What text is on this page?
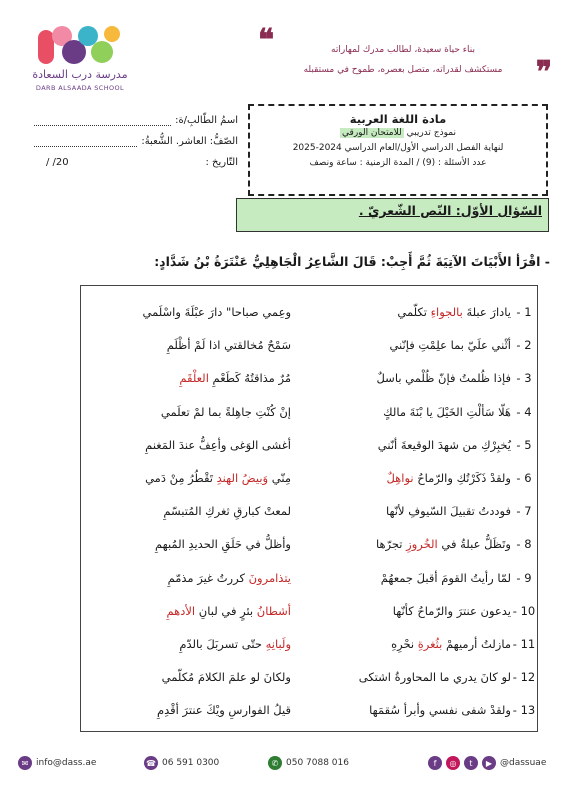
مدرسة درب السعادة
DARB ALSAADA SCHOOL
❝	بناء حياة سعيدة، لطالب مدرك لمهاراته
مستكشف لقدراته، متصل بعصره، طموح في مستقبله	❞
مادة اللغة العربية
نموذج تدريبي للامتحان الورقي
لنهاية الفصل الدراسي الأول/العام الدراسي 2024-2025
عدد الأسئلة : (9) / المدة الزمنية : ساعة ونصف
اسمُ الطّالبِ/ة:
الصّفُّ: العاشر. الشُّعبةُ:
التّاريخ :
/ /20
السّؤال الأوّل: النّص الشّعريّ .
- اقْرَأ الأَبْيَاتَ الآتِيَةَ ثُمَّ أَجِبْ: قَالَ الشَّاعِرُ الْجَاهِلِيُّ عَنْتَرَةُ بْنُ شَدَّادٍ:
1 -
يادارَ عبلةَ بالجواءِ تكلّمي
وعِمي صباحا" دارَ عبْلَةَ واسْلَمي
2 -
أثْني علَيّ بما علِمْتِ فإنّني
سَمْحٌ مُخالقتي اذا لَمْ أظْلَمِ
3 -
فإذا ظُلمتُ فإنّ ظُلْمي باسلٌ
مُرٌ مذاقتُهُ كَطَعْمِ العلْقَمِ
4 -
هَلّا سَألْتِ الخَيْلَ يا بْنَةَ مالكٍ
إنْ كُنْتِ جاهِلةً بما لمْ تعلَمي
5 -
يُخبِرْكِ من شهدَ الوقيعةَ أنّني
أغشى الوَغى وأعِفُّ عندَ المَغنمِ
6 -
ولقدْ ذَكَرْتُكِ والرّماحُ نواهِلٌ
مِنّي وَبيضُ الهندِ تَقْطُرُ مِنْ دَمي
7 -
فوددتُ تقبيلَ السّيوفِ لأنّها
لمعتْ كبارقِ ثغركِ المُتبسّمِ
8 -
وتَظَلُّ عبلةُ في الخُروزِ تجرّها
وأظلُّ في حَلَقِ الحديدِ المُبهمِ
9 -
لمّا رأيتُ القومَ أقبلَ جمعهُمْ
يتذامرونَ كررتُ غيرَ مذمّمِ
10 -
يدعون عنترَ والرّماحُ كأنّها
أشطانُ بئرٍ في لبانِ الأدهمِ
11 -
مازلتُ أرميهمْ بثُغرةِ نحْرِهِ
ولَبانِهِ حتّى تسربَلَ بالدّمِ
12 -
لو كانَ يدري ما المحاورةُ اشتكى
ولكانَ لو علمَ الكلامَ مُكلّمي
13 -
ولقدْ شفى نفسي وأبرأ سُقمَها
قيلُ الفوارسِ ويْكَ عنترَ أقْدِمِ
✉ info@dass.ae	☎ 06 591 0300	✆ 050 7088 016	f	◎	t	▶ @dassuae
